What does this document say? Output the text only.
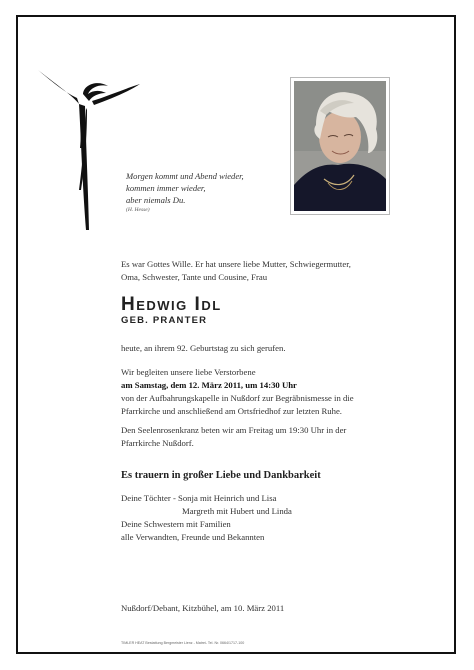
Morgen kommt und Abend wieder,
kommen immer wieder,
aber niemals Du.
(H. Hesse)
Es war Gottes Wille. Er hat unsere liebe Mutter, Schwiegermutter,
Oma, Schwester, Tante und Cousine, Frau
Hedwig Idl
GEB. PRANTER
heute, an ihrem 92. Geburtstag zu sich gerufen.
Wir begleiten unsere liebe Verstorbene
am Samstag, dem 12. März 2011, um 14:30 Uhr
von der Aufbahrungskapelle in Nußdorf zur Begräbnismesse in die
Pfarrkirche und anschließend am Ortsfriedhof zur letzten Ruhe.
Den Seelenrosenkranz beten wir am Freitag um 19:30 Uhr in der
Pfarrkirche Nußdorf.
Es trauern in großer Liebe und Dankbarkeit
Deine Töchter - Sonja mit Heinrich und Lisa
Margreth mit Hubert und Linda
Deine Schwestern mit Familien
alle Verwandten, Freunde und Bekannten
Nußdorf/Debant, Kitzbühel, am 10. März 2011
TIMLER HEAT Bestattung Bergmeister Lienz - Matrei- Tel. Nr. 0664/1717-100
